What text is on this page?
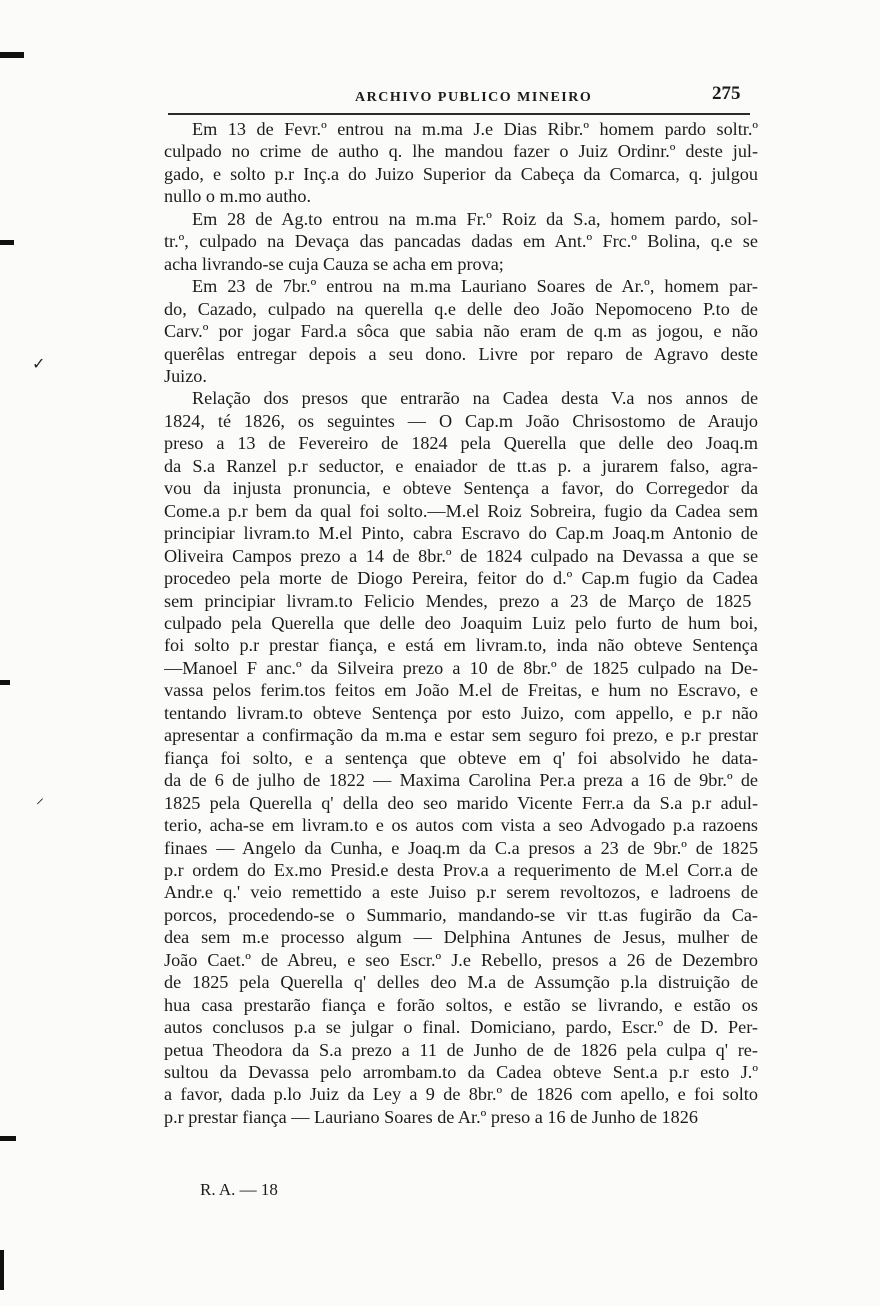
ARCHIVO PUBLICO MINEIRO	275
Em 13 de Fevr.º entrou na m.ma J.e Dias Ribr.º homem pardo soltr.º
culpado no crime de autho q. lhe mandou fazer o Juiz Ordinr.º deste jul-
gado, e solto p.r Inç.a do Juizo Superior da Cabeça da Comarca, q. julgou
nullo o m.mo autho.
Em 28 de Ag.to entrou na m.ma Fr.º Roiz da S.a, homem pardo, sol-
tr.º, culpado na Devaça das pancadas dadas em Ant.º Frc.º Bolina, q.e se
acha livrando-se cuja Cauza se acha em prova;
Em 23 de 7br.º entrou na m.ma Lauriano Soares de Ar.º, homem par-
do, Cazado, culpado na querella q.e delle deo João Nepomoceno P.to de
Carv.º por jogar Fard.a sôca que sabia não eram de q.m as jogou, e não
querêlas entregar depois a seu dono. Livre por reparo de Agravo deste
Juizo.
Relação dos presos que entrarão na Cadea desta V.a nos annos de
1824, té 1826, os seguintes — O Cap.m João Chrisostomo de Araujo
preso a 13 de Fevereiro de 1824 pela Querella que delle deo Joaq.m
da S.a Ranzel p.r seductor, e enaiador de tt.as p. a jurarem falso, agra-
vou da injusta pronuncia, e obteve Sentença a favor, do Corregedor da
Come.a p.r bem da qual foi solto.—M.el Roiz Sobreira, fugio da Cadea sem
principiar livram.to M.el Pinto, cabra Escravo do Cap.m Joaq.m Antonio de
Oliveira Campos prezo a 14 de 8br.º de 1824 culpado na Devassa a que se
procedeo pela morte de Diogo Pereira, feitor do d.º Cap.m fugio da Cadea
sem principiar livram.to Felicio Mendes, prezo a 23 de Março de 1825
culpado pela Querella que delle deo Joaquim Luiz pelo furto de hum boi,
foi solto p.r prestar fiança, e está em livram.to, inda não obteve Sentença
—Manoel F anc.º da Silveira prezo a 10 de 8br.º de 1825 culpado na De-
vassa pelos ferim.tos feitos em João M.el de Freitas, e hum no Escravo, e
tentando livram.to obteve Sentença por esto Juizo, com appello, e p.r não
apresentar a confirmação da m.ma e estar sem seguro foi prezo, e p.r prestar
fiança foi solto, e a sentença que obteve em q' foi absolvido he data-
da de 6 de julho de 1822 — Maxima Carolina Per.a preza a 16 de 9br.º de
1825 pela Querella q' della deo seo marido Vicente Ferr.a da S.a p.r adul-
terio, acha-se em livram.to e os autos com vista a seo Advogado p.a razoens
finaes — Angelo da Cunha, e Joaq.m da C.a presos a 23 de 9br.º de 1825
p.r ordem do Ex.mo Presid.e desta Prov.a a requerimento de M.el Corr.a de
Andr.e q.' veio remettido a este Juiso p.r serem revoltozos, e ladroens de
porcos, procedendo-se o Summario, mandando-se vir tt.as fugirão da Ca-
dea sem m.e processo algum — Delphina Antunes de Jesus, mulher de
João Caet.º de Abreu, e seo Escr.º J.e Rebello, presos a 26 de Dezembro
de 1825 pela Querella q' delles deo M.a de Assumção p.la distruição de
hua casa prestarão fiança e forão soltos, e estão se livrando, e estão os
autos conclusos p.a se julgar o final. Domiciano, pardo, Escr.º de D. Per-
petua Theodora da S.a prezo a 11 de Junho de de 1826 pela culpa q' re-
sultou da Devassa pelo arrombam.to da Cadea obteve Sent.a p.r esto J.º
a favor, dada p.lo Juiz da Ley a 9 de 8br.º de 1826 com apello, e foi solto
p.r prestar fiança — Lauriano Soares de Ar.º preso a 16 de Junho de 1826
R. A. — 18
✓
⸝
